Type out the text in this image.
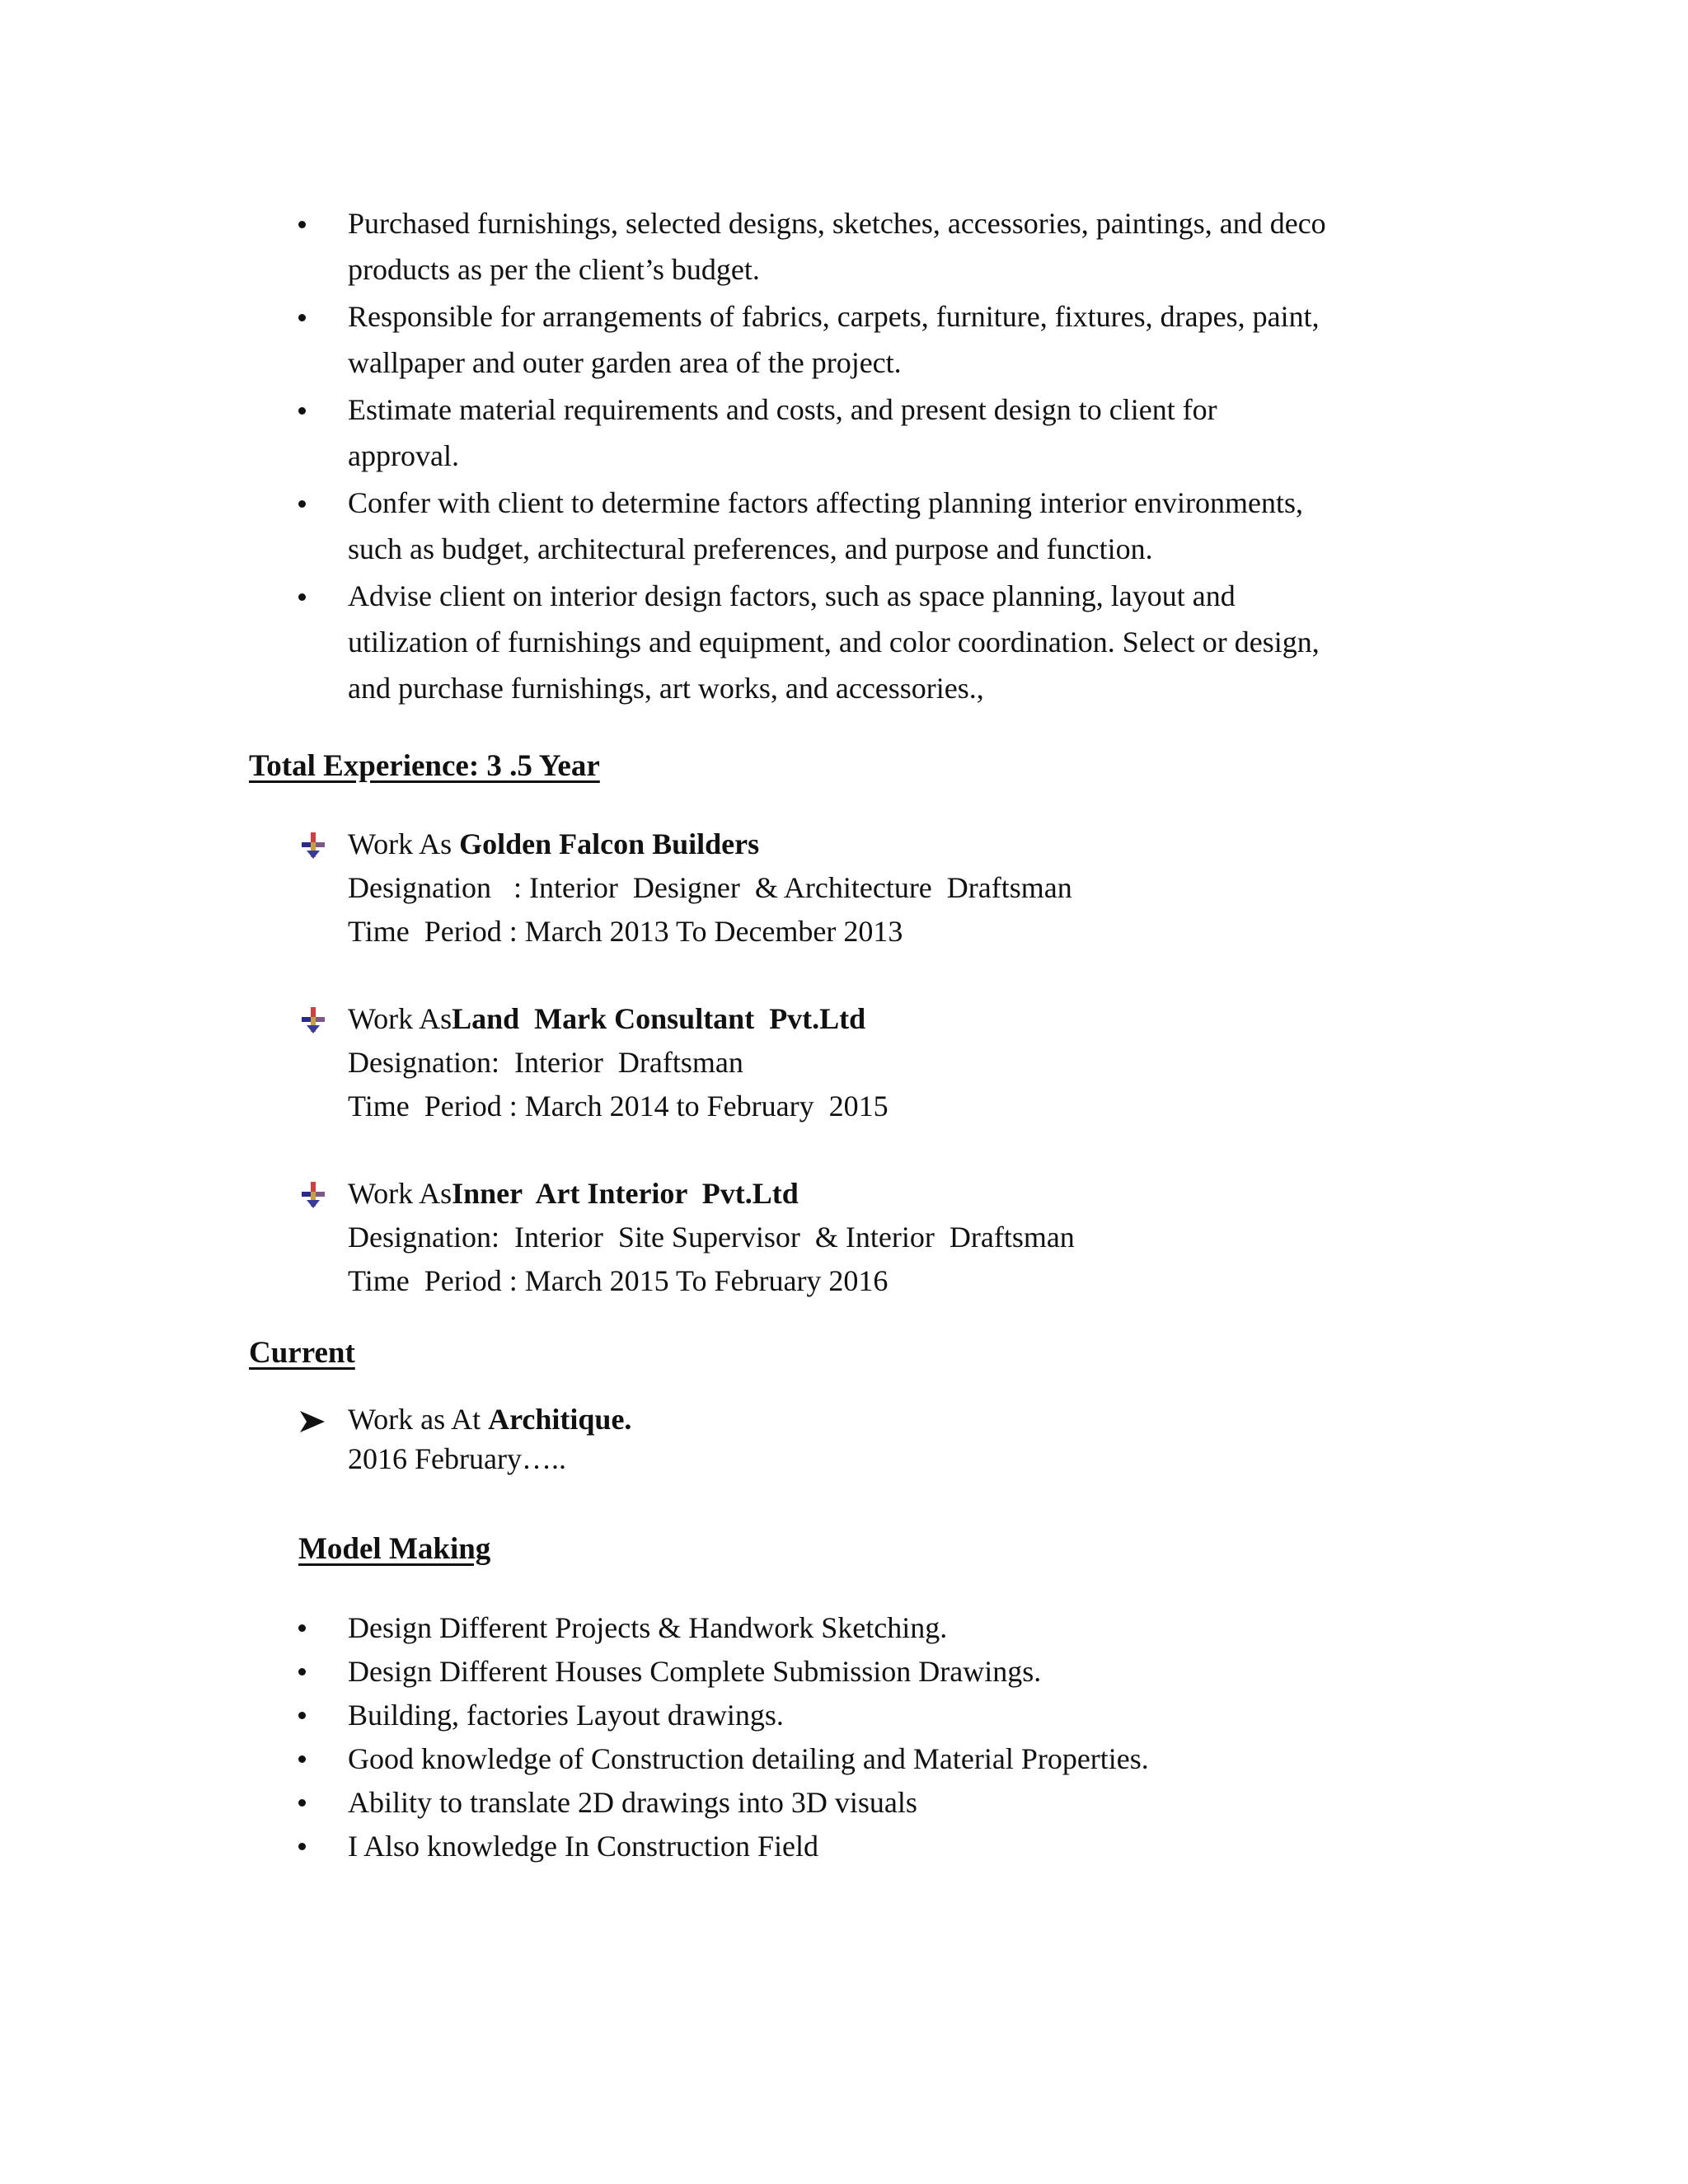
Purchased furnishings, selected designs, sketches, accessories, paintings, and deco
products as per the client’s budget.
Responsible for arrangements of fabrics, carpets, furniture, fixtures, drapes, paint,
wallpaper and outer garden area of the project.
Estimate material requirements and costs, and present design to client for
approval.
Confer with client to determine factors affecting planning interior environments,
such as budget, architectural preferences, and purpose and function.
Advise client on interior design factors, such as space planning, layout and
utilization of furnishings and equipment, and color coordination. Select or design,
and purchase furnishings, art works, and accessories.,
Total Experience: 3 .5 Year
Work As Golden Falcon Builders
Designation   : Interior  Designer  & Architecture  Draftsman
Time  Period : March 2013 To December 2013
Work AsLand  Mark Consultant  Pvt.Ltd
Designation:  Interior  Draftsman
Time  Period : March 2014 to February  2015
Work AsInner  Art Interior  Pvt.Ltd
Designation:  Interior  Site Supervisor  & Interior  Draftsman
Time  Period : March 2015 To February 2016
Current
Work as At Architique.
2016 February…..
Model Making
Design Different Projects & Handwork Sketching.
Design Different Houses Complete Submission Drawings.
Building, factories Layout drawings.
Good knowledge of Construction detailing and Material Properties.
Ability to translate 2D drawings into 3D visuals
I Also knowledge In Construction Field
